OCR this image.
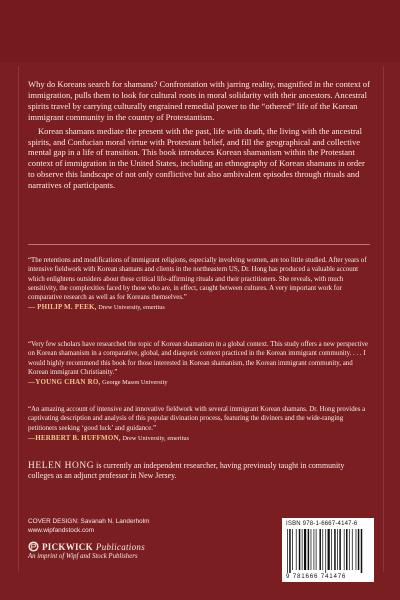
Why do Koreans search for shamans? Confrontation with jarring reality, magnified in the context of immigration, pulls them to look for cultural roots in moral solidarity with their ancestors. Ancestral spirits travel by carrying culturally engrained remedial power to the “othered” life of the Korean immigrant community in the country of Protestantism.

Korean shamans mediate the present with the past, life with death, the living with the ancestral spirits, and Confucian moral virtue with Protestant belief, and fill the geographical and collective mental gap in a life of transition. This book introduces Korean shamanism within the Protestant context of immigration in the United States, including an ethnography of Korean shamans in order to observe this landscape of not only conflictive but also ambivalent episodes through rituals and narratives of participants.

“The retentions and modifications of immigrant religions, especially involving women, are too little studied. After years of intensive fieldwork with Korean shamans and clients in the northeastern US, Dr. Hong has produced a valuable account which enlightens outsiders about these critical life-affirming rituals and their practitioners. She reveals, with much sensitivity, the complexities faced by those who are, in effect, caught between cultures. A very important work for comparative research as well as for Koreans themselves.”

— PHILIP M. PEEK, Drew University, emeritus

“Very few scholars have researched the topic of Korean shamanism in a global context. This study offers a new perspective on Korean shamanism in a comparative, global, and diasporic context practiced in the Korean immigrant community. . . . I would highly recommend this book for those interested in Korean shamanism, the Korean immigrant community, and Korean immigrant Christianity.”

—YOUNG CHAN RO, George Mason University

“An amazing account of intensive and innovative fieldwork with several immigrant Korean shamans. Dr. Hong provides a captivating description and analysis of this popular divination process, featuring the diviners and the wide-ranging petitioners seeking ‘good luck’ and guidance.”

—HERBERT B. HUFFMON, Drew University, emeritus
HELEN HONG is currently an independent researcher, having previously taught in community colleges as an adjunct professor in New Jersey.
COVER DESIGN: Savanah N. Landerholm
www.wipfandstock.com
PICKWICK Publications
An imprint of Wipf and Stock Publishers
ISBN 978-1-6667-4147-6
9 781666 741476
